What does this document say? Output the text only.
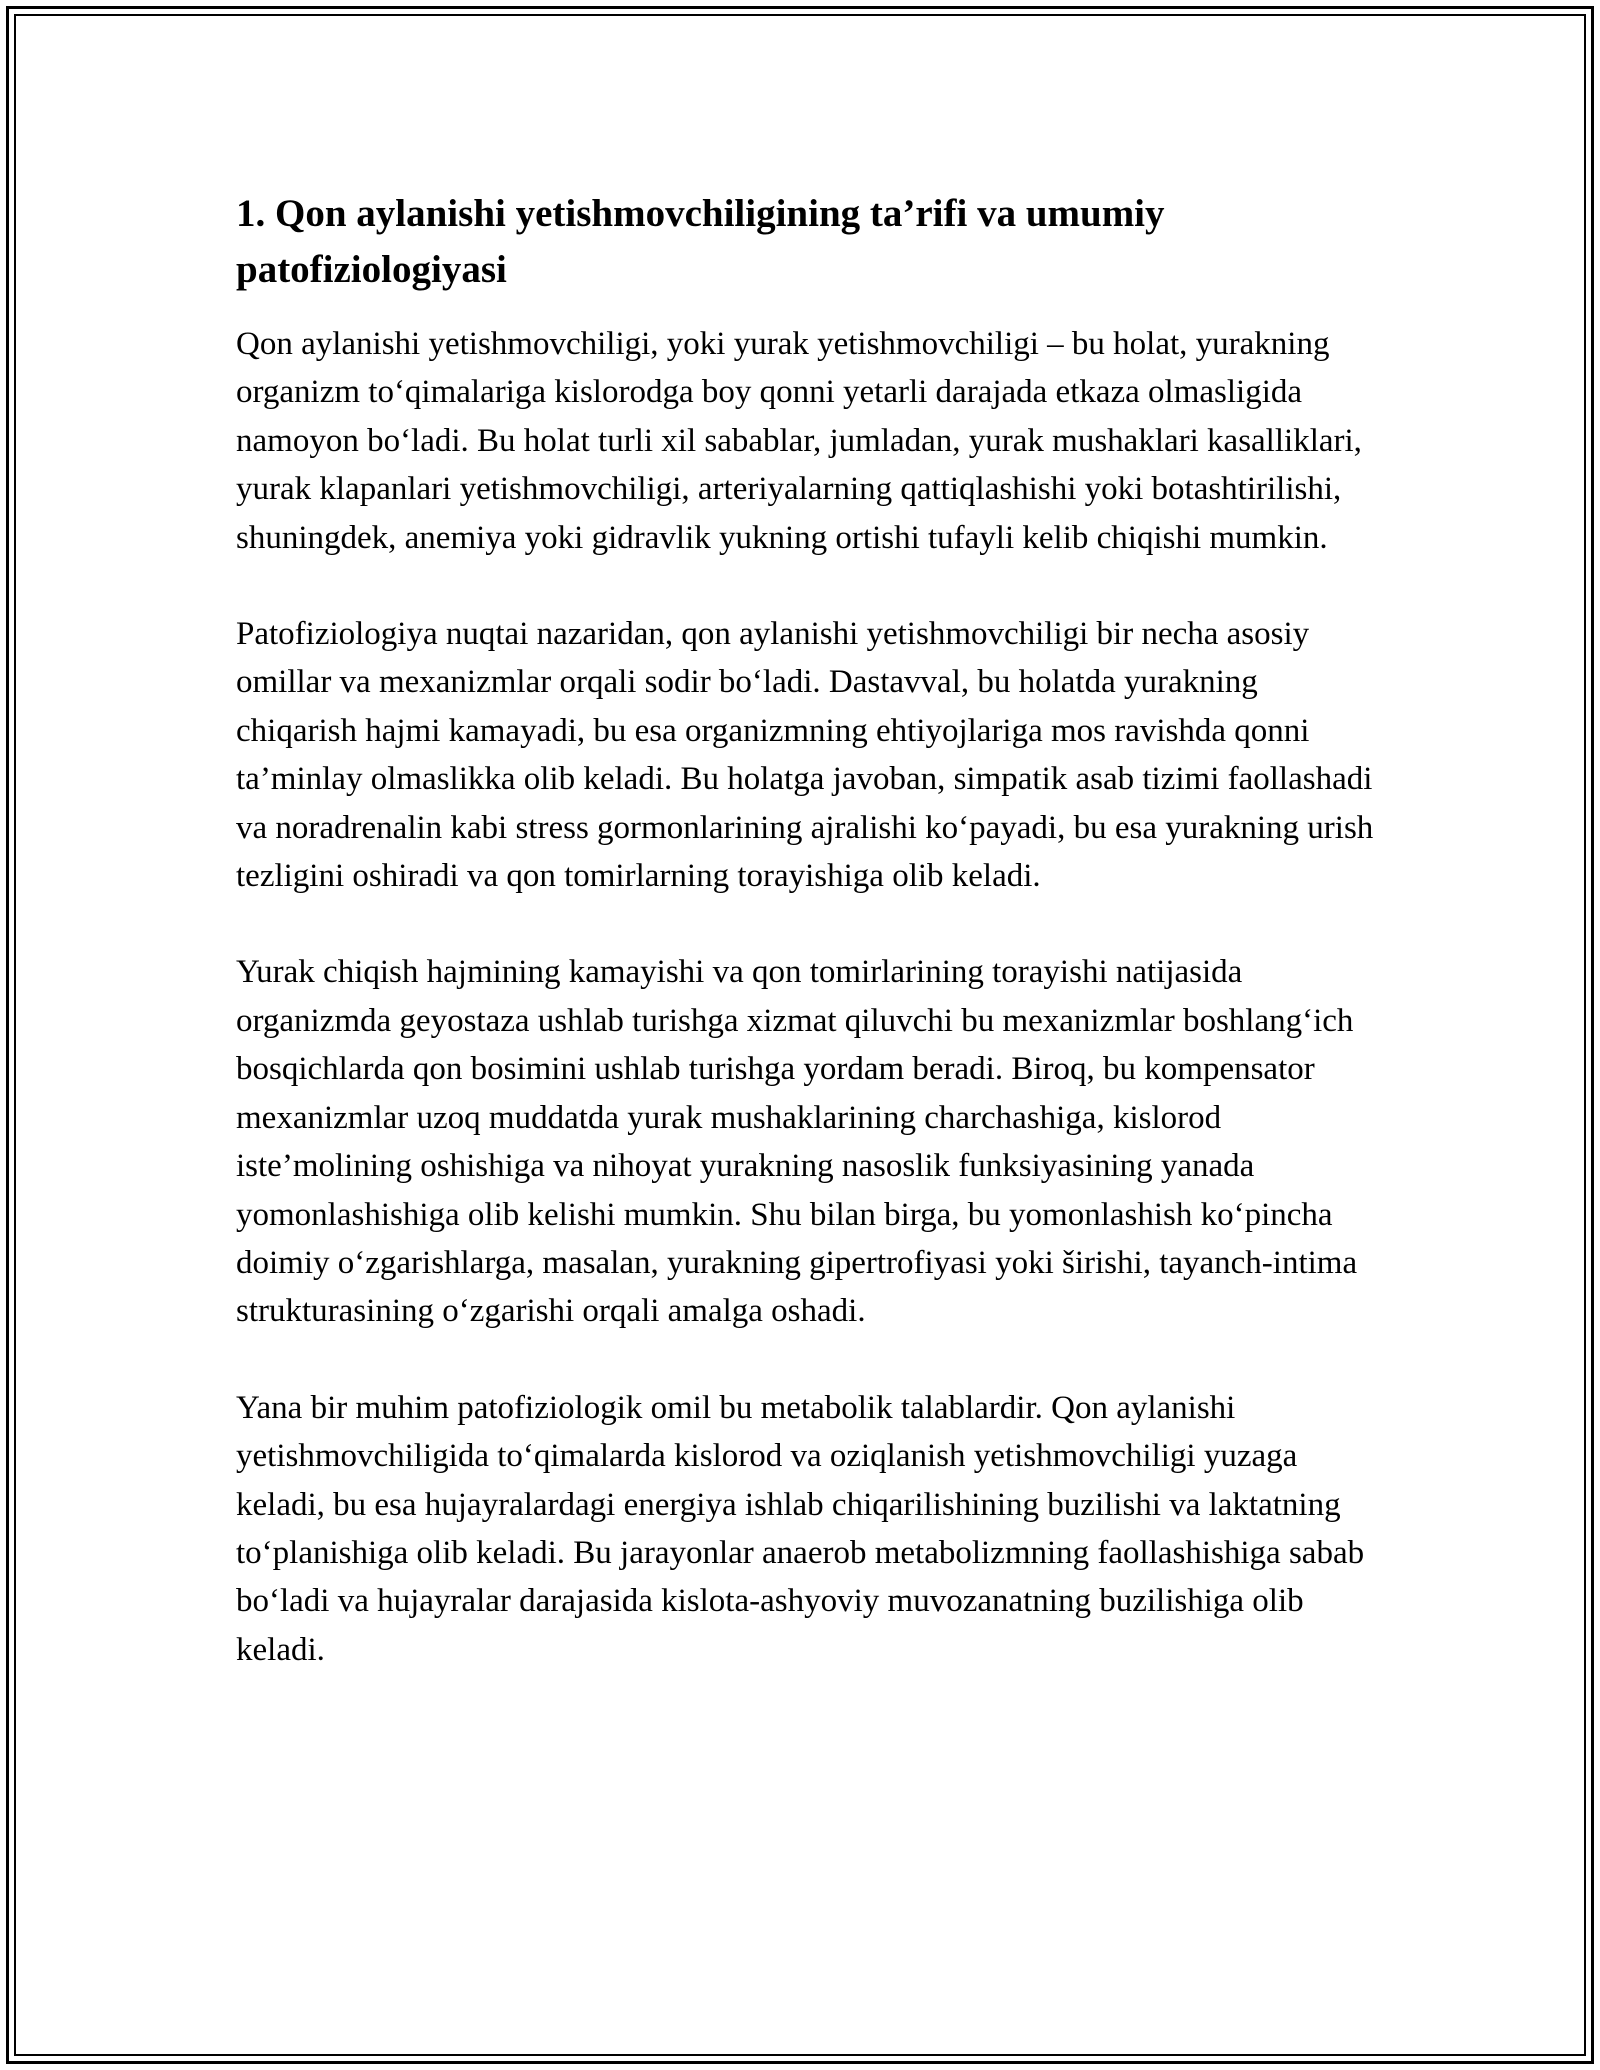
1. Qon aylanishi yetishmovchiligining ta’rifi va umumiy patofiziologiyasi

Qon aylanishi yetishmovchiligi, yoki yurak yetishmovchiligi – bu holat, yurakning organizm to‘qimalariga kislorodga boy qonni yetarli darajada etkaza olmasligida namoyon bo‘ladi. Bu holat turli xil sabablar, jumladan, yurak mushaklari kasalliklari, yurak klapanlari yetishmovchiligi, arteriyalarning qattiqlashishi yoki botashtirilishi, shuningdek, anemiya yoki gidravlik yukning ortishi tufayli kelib chiqishi mumkin.

Patofiziologiya nuqtai nazaridan, qon aylanishi yetishmovchiligi bir necha asosiy omillar va mexanizmlar orqali sodir bo‘ladi. Dastavval, bu holatda yurakning chiqarish hajmi kamayadi, bu esa organizmning ehtiyojlariga mos ravishda qonni ta’minlay olmaslikka olib keladi. Bu holatga javoban, simpatik asab tizimi faollashadi va noradrenalin kabi stress gormonlarining ajralishi ko‘payadi, bu esa yurakning urish tezligini oshiradi va qon tomirlarning torayishiga olib keladi.

Yurak chiqish hajmining kamayishi va qon tomirlarining torayishi natijasida organizmda geyostaza ushlab turishga xizmat qiluvchi bu mexanizmlar boshlang‘ich bosqichlarda qon bosimini ushlab turishga yordam beradi. Biroq, bu kompensator mexanizmlar uzoq muddatda yurak mushaklarining charchashiga, kislorod iste’molining oshishiga va nihoyat yurakning nasoslik funksiyasining yanada yomonlashishiga olib kelishi mumkin. Shu bilan birga, bu yomonlashish ko‘pincha doimiy o‘zgarishlarga, masalan, yurakning gipertrofiyasi yoki širishi, tayanch-intima strukturasining o‘zgarishi orqali amalga oshadi.

Yana bir muhim patofiziologik omil bu metabolik talablardir. Qon aylanishi yetishmovchiligida to‘qimalarda kislorod va oziqlanish yetishmovchiligi yuzaga keladi, bu esa hujayralardagi energiya ishlab chiqarilishining buzilishi va laktatning to‘planishiga olib keladi. Bu jarayonlar anaerob metabolizmning faollashishiga sabab bo‘ladi va hujayralar darajasida kislota-ashyoviy muvozanatning buzilishiga olib keladi.
